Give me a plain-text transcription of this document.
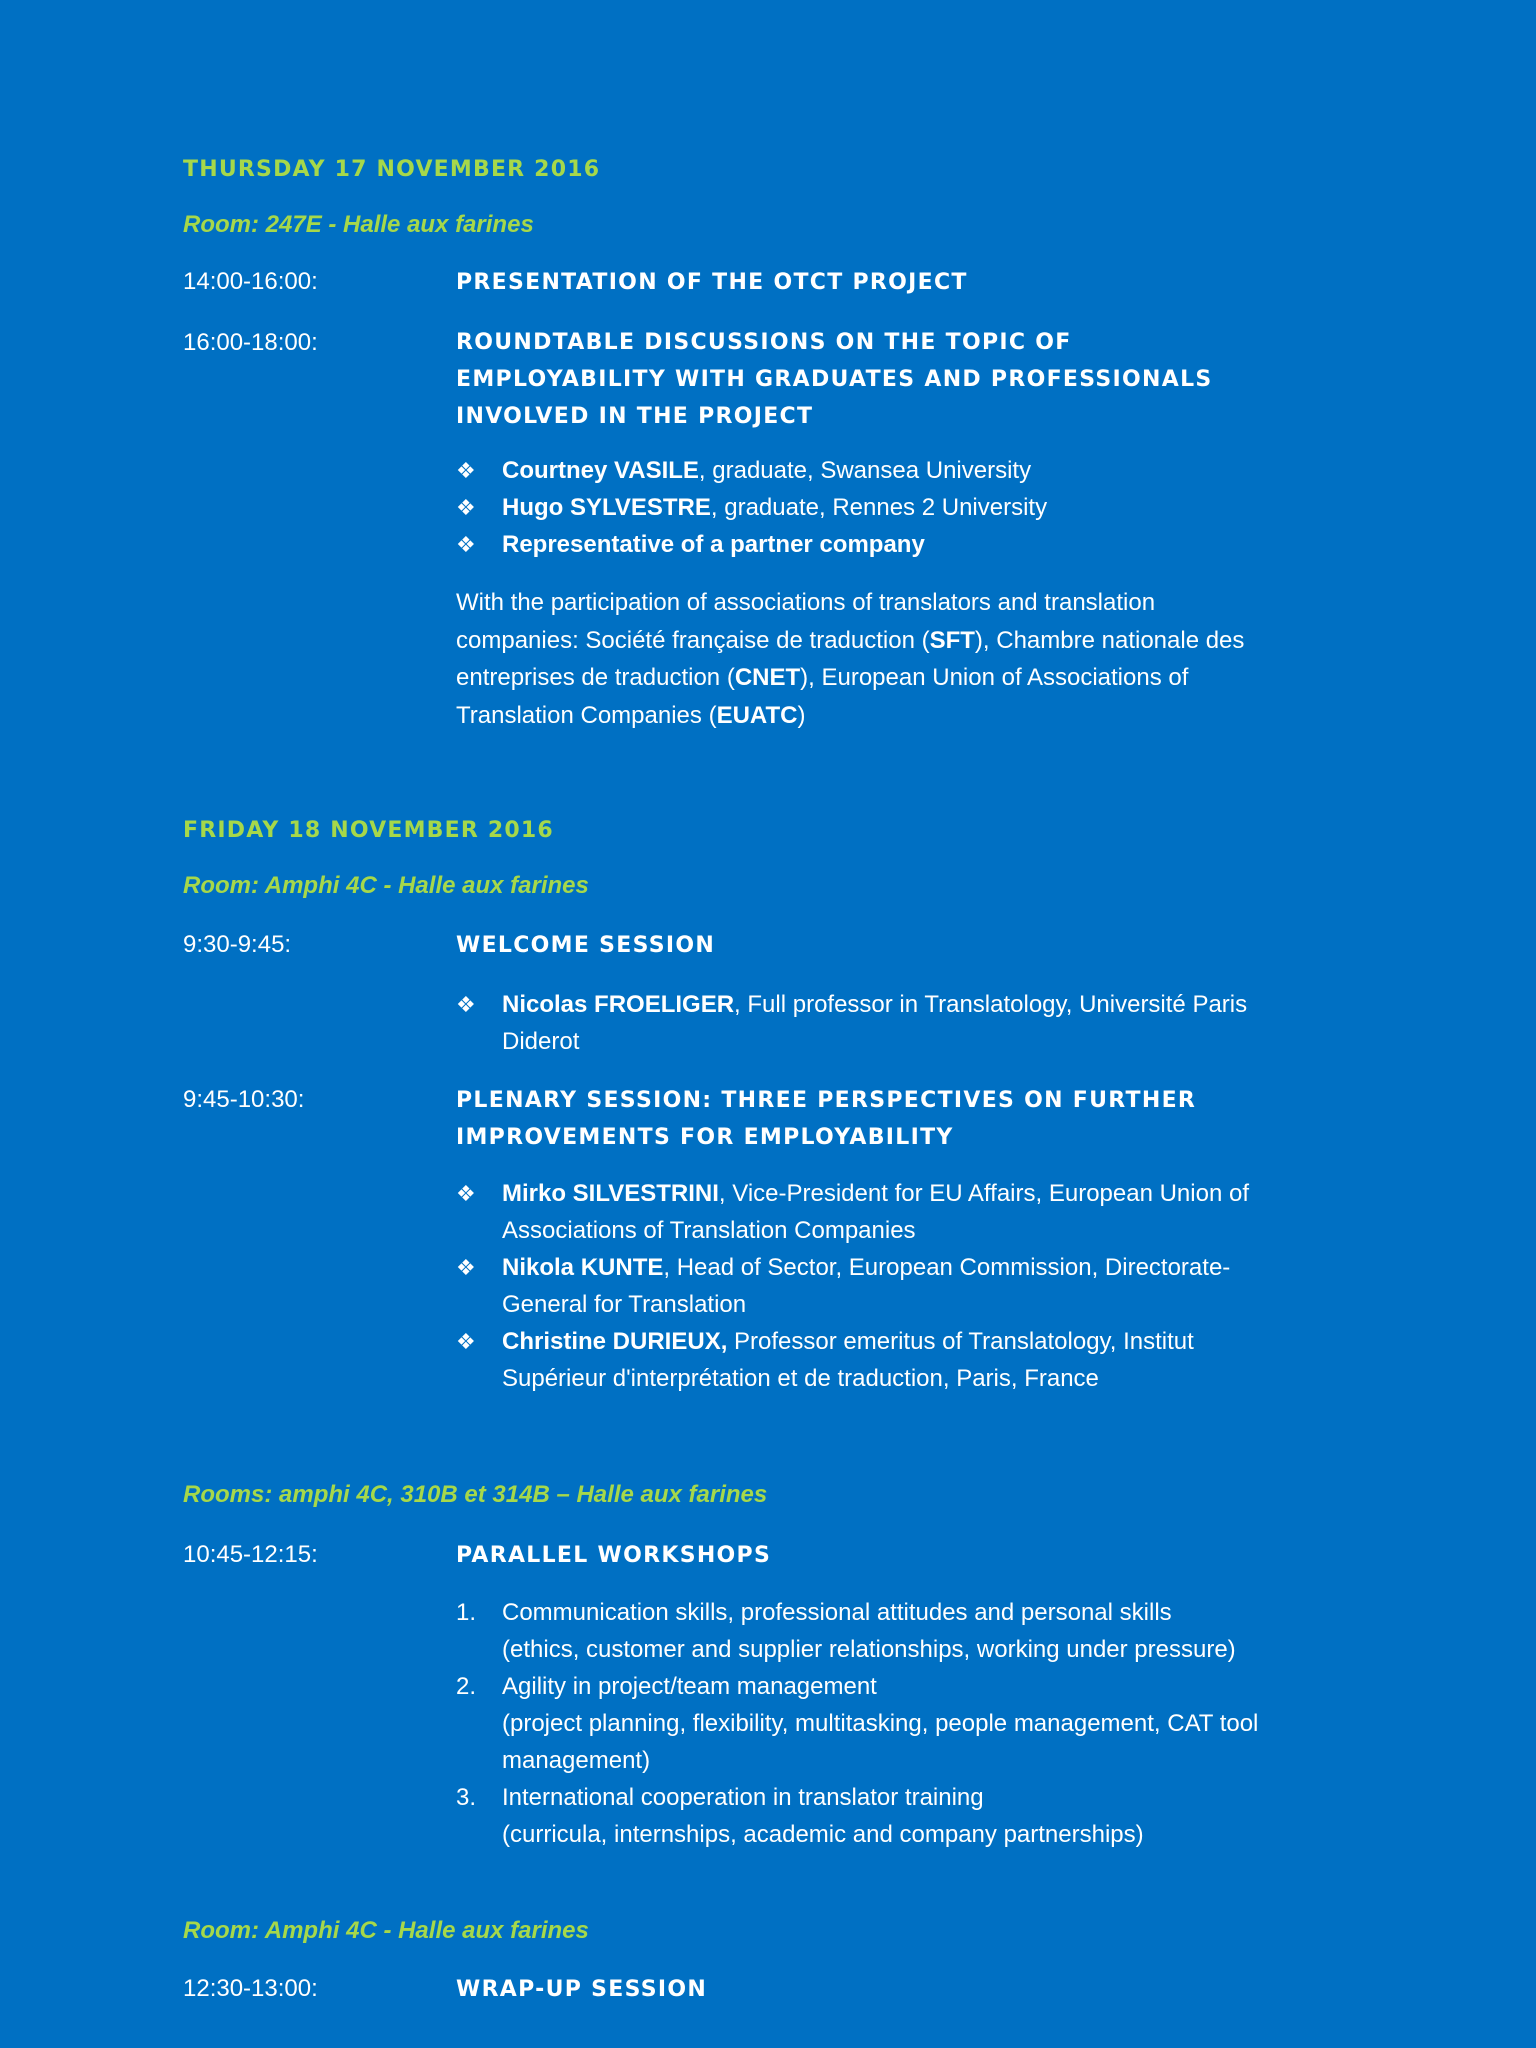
THURSDAY 17 NOVEMBER 2016
Room: 247E - Halle aux farines
14:00-16:00:	PRESENTATION OF THE OTCT PROJECT
16:00-18:00:	ROUNDTABLE DISCUSSIONS ON THE TOPIC OF
EMPLOYABILITY WITH GRADUATES AND PROFESSIONALS
INVOLVED IN THE PROJECT
❖ Courtney VASILE, graduate, Swansea University
❖ Hugo SYLVESTRE, graduate, Rennes 2 University
❖ Representative of a partner company
With the participation of associations of translators and translation
companies: Société française de traduction (SFT), Chambre nationale des
entreprises de traduction (CNET), European Union of Associations of
Translation Companies (EUATC)
FRIDAY 18 NOVEMBER 2016
Room: Amphi 4C - Halle aux farines
9:30-9:45:	WELCOME SESSION
❖ Nicolas FROELIGER, Full professor in Translatology, Université Paris
Diderot
9:45-10:30:	PLENARY SESSION: THREE PERSPECTIVES ON FURTHER
IMPROVEMENTS FOR EMPLOYABILITY
❖ Mirko SILVESTRINI, Vice-President for EU Affairs, European Union of
Associations of Translation Companies
❖ Nikola KUNTE, Head of Sector, European Commission, Directorate-
General for Translation
❖ Christine DURIEUX, Professor emeritus of Translatology, Institut
Supérieur d'interprétation et de traduction, Paris, France
Rooms: amphi 4C, 310B et 314B – Halle aux farines
10:45-12:15:	PARALLEL WORKSHOPS
1. Communication skills, professional attitudes and personal skills
(ethics, customer and supplier relationships, working under pressure)
2. Agility in project/team management
(project planning, flexibility, multitasking, people management, CAT tool
management)
3. International cooperation in translator training
(curricula, internships, academic and company partnerships)
Room: Amphi 4C - Halle aux farines
12:30-13:00:	WRAP-UP SESSION
